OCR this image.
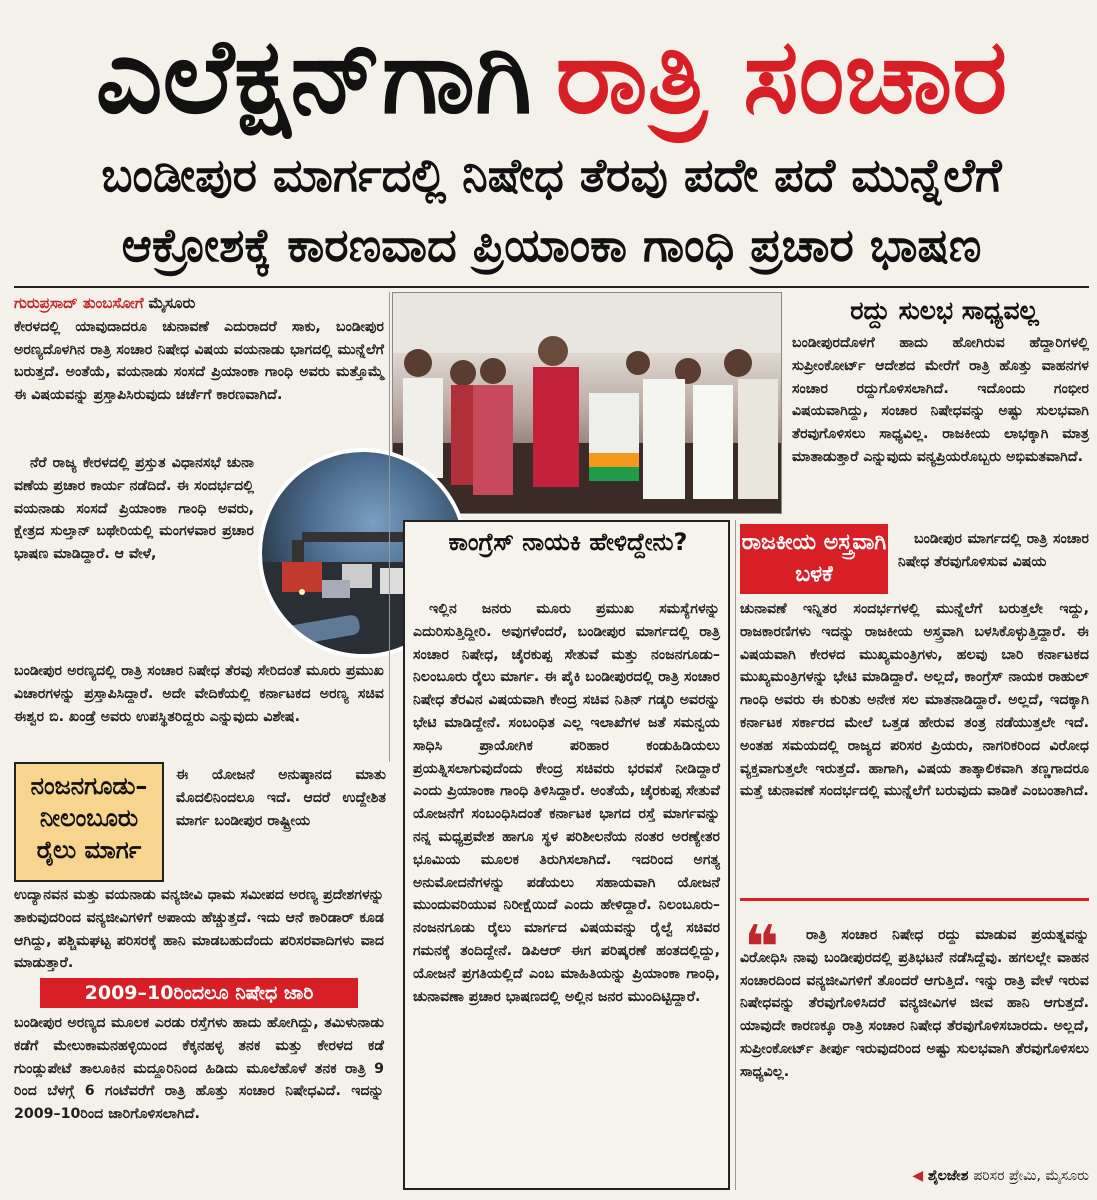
ಎಲೆಕ್ಷನ್‌ಗಾಗಿ ರಾತ್ರಿ ಸಂಚಾರ
ಬಂಡೀಪುರ ಮಾರ್ಗದಲ್ಲಿ ನಿಷೇಧ ತೆರವು ಪದೇ ಪದೆ ಮುನ್ನೆಲೆಗೆ
ಆಕ್ರೋಶಕ್ಕೆ ಕಾರಣವಾದ ಪ್ರಿಯಾಂಕಾ ಗಾಂಧಿ ಪ್ರಚಾರ ಭಾಷಣ
ಗುರುಪ್ರಸಾದ್ ತುಂಬಸೋಗೆ ಮೈಸೂರು
ಕೇರಳದಲ್ಲಿ ಯಾವುದಾದರೂ ಚುನಾವಣೆ ಎದುರಾದರೆ ಸಾಕು, ಬಂಡೀಪುರ ಅರಣ್ಯದೊಳಗಿನ ರಾತ್ರಿ ಸಂಚಾರ ನಿಷೇಧ ವಿಷಯ ವಯನಾಡು ಭಾಗದಲ್ಲಿ ಮುನ್ನೆಲೆಗೆ ಬರುತ್ತದೆ. ಅಂತೆಯೆ, ವಯನಾಡು ಸಂಸದೆ ಪ್ರಿಯಾಂಕಾ ಗಾಂಧಿ ಅವರು ಮತ್ತೊಮ್ಮೆ ಈ ವಿಷಯವನ್ನು ಪ್ರಸ್ತಾಪಿಸಿರುವುದು ಚರ್ಚೆಗೆ ಕಾರಣವಾಗಿದೆ.
ನೆರೆ ರಾಜ್ಯ ಕೇರಳದಲ್ಲಿ ಪ್ರಸ್ತುತ ವಿಧಾನಸಭೆ ಚುನಾ ವಣೆಯ ಪ್ರಚಾರ ಕಾರ್ಯ ನಡೆದಿದೆ. ಈ ಸಂದರ್ಭದಲ್ಲಿ ವಯನಾಡು ಸಂಸದೆ ಪ್ರಿಯಾಂಕಾ ಗಾಂಧಿ ಅವರು, ಕ್ಷೇತ್ರದ ಸುಲ್ತಾನ್ ಬಥೇರಿಯಲ್ಲಿ ಮಂಗಳವಾರ ಪ್ರಚಾರ ಭಾಷಣ ಮಾಡಿದ್ದಾರೆ. ಆ ವೇಳೆ,
ಬಂಡೀಪುರ ಅರಣ್ಯದಲ್ಲಿ ರಾತ್ರಿ ಸಂಚಾರ ನಿಷೇಧ ತೆರವು ಸೇರಿದಂತೆ ಮೂರು ಪ್ರಮುಖ ವಿಚಾರಗಳನ್ನು ಪ್ರಸ್ತಾಪಿಸಿದ್ದಾರೆ. ಅದೇ ವೇದಿಕೆಯಲ್ಲಿ ಕರ್ನಾಟಕದ ಅರಣ್ಯ ಸಚಿವ ಈಶ್ವರ ಬಿ. ಖಂಡ್ರೆ ಅವರು ಉಪಸ್ಥಿತರಿದ್ದರು ಎನ್ನುವುದು ವಿಶೇಷ.
ನಂಜನಗೂಡು– ನೀಲಂಬೂರು ರೈಲು ಮಾರ್ಗ
ಈ ಯೋಜನೆ ಅನುಷ್ಠಾನದ ಮಾತು ಮೊದಲಿನಿಂದಲೂ ಇದೆ. ಆದರೆ ಉದ್ದೇಶಿತ ಮಾರ್ಗ ಬಂಡೀಪುರ ರಾಷ್ಟ್ರೀಯ
ಉದ್ಯಾನವನ ಮತ್ತು ವಯನಾಡು ವನ್ಯಜೀವಿ ಧಾಮ ಸಮೀಪದ ಅರಣ್ಯ ಪ್ರದೇಶಗಳನ್ನು ತಾಕುವುದರಿಂದ ವನ್ಯಜೀವಿಗಳಿಗೆ ಅಪಾಯ ಹೆಚ್ಚುತ್ತದೆ. ಇದು ಆನೆ ಕಾರಿಡಾರ್ ಕೂಡ ಆಗಿದ್ದು, ಪಶ್ಚಿಮಘಟ್ಟ ಪರಿಸರಕ್ಕೆ ಹಾನಿ ಮಾಡಬಹುದೆಂದು ಪರಿಸರವಾದಿಗಳು ವಾದ ಮಾಡುತ್ತಾರೆ.
2009–10ರಿಂದಲೂ ನಿಷೇಧ ಜಾರಿ
ಬಂಡೀಪುರ ಅರಣ್ಯದ ಮೂಲಕ ಎರಡು ರಸ್ತೆಗಳು ಹಾದು ಹೋಗಿದ್ದು, ತಮಿಳುನಾಡು ಕಡೆಗೆ ಮೇಲುಕಾಮನಹಳ್ಳಿಯಿಂದ ಕೆಕ್ಕನಹಳ್ಳ ತನಕ ಮತ್ತು ಕೇರಳದ ಕಡೆ ಗುಂಡ್ಲುಪೇಟೆ ತಾಲೂಕಿನ ಮದ್ದೂರಿನಿಂದ ಹಿಡಿದು ಮೂಲೆಹೊಳೆ ತನಕ ರಾತ್ರಿ 9 ರಿಂದ ಬೆಳಗ್ಗೆ 6 ಗಂಟೆವರೆಗೆ ರಾತ್ರಿ ಹೊತ್ತು ಸಂಚಾರ ನಿಷೇಧವಿದೆ. ಇದನ್ನು 2009–10ರಿಂದ ಜಾರಿಗೊಳಿಸಲಾಗಿದೆ.
ಕಾಂಗ್ರೆಸ್ ನಾಯಕಿ ಹೇಳಿದ್ದೇನು?
ಇಲ್ಲಿನ ಜನರು ಮೂರು ಪ್ರಮುಖ ಸಮಸ್ಯೆಗಳನ್ನು ಎದುರಿಸುತ್ತಿದ್ದೀರಿ. ಅವುಗಳೆಂದರೆ, ಬಂಡೀಪುರ ಮಾರ್ಗದಲ್ಲಿ ರಾತ್ರಿ ಸಂಚಾರ ನಿಷೇಧ, ಚೈರಕುಪ್ಪ ಸೇತುವೆ ಮತ್ತು ನಂಜನಗೂಡು–ನಿಲಂಬೂರು ರೈಲು ಮಾರ್ಗ. ಈ ಪೈಕಿ ಬಂಡೀಪುರದಲ್ಲಿ ರಾತ್ರಿ ಸಂಚಾರ ನಿಷೇಧ ತೆರವಿನ ವಿಷಯವಾಗಿ ಕೇಂದ್ರ ಸಚಿವ ನಿತಿನ್ ಗಡ್ಕರಿ ಅವರನ್ನು ಭೇಟಿ ಮಾಡಿದ್ದೇನೆ. ಸಂಬಂಧಿತ ಎಲ್ಲ ಇಲಾಖೆಗಳ ಜತೆ ಸಮನ್ವಯ ಸಾಧಿಸಿ ಪ್ರಾಯೋಗಿಕ ಪರಿಹಾರ ಕಂಡುಹಿಡಿಯಲು ಪ್ರಯತ್ನಿಸಲಾಗುವುದೆಂದು ಕೇಂದ್ರ ಸಚಿವರು ಭರವಸೆ ನೀಡಿದ್ದಾರೆ ಎಂದು ಪ್ರಿಯಾಂಕಾ ಗಾಂಧಿ ತಿಳಿಸಿದ್ದಾರೆ. ಅಂತೆಯೆ, ಚೈರಕುಪ್ಪ ಸೇತುವೆ ಯೋಜನೆಗೆ ಸಂಬಂಧಿಸಿದಂತೆ ಕರ್ನಾಟಕ ಭಾಗದ ರಸ್ತೆ ಮಾರ್ಗವನ್ನು ನನ್ನ ಮಧ್ಯಪ್ರವೇಶ ಹಾಗೂ ಸ್ಥಳ ಪರಿಶೀಲನೆಯ ನಂತರ ಅರಣ್ಯೇತರ ಭೂಮಿಯ ಮೂಲಕ ತಿರುಗಿಸಲಾಗಿದೆ. ಇದರಿಂದ ಅಗತ್ಯ ಅನುಮೋದನೆಗಳನ್ನು ಪಡೆಯಲು ಸಹಾಯವಾಗಿ ಯೋಜನೆ ಮುಂದುವರಿಯುವ ನಿರೀಕ್ಷೆಯಿದೆ ಎಂದು ಹೇಳಿದ್ದಾರೆ. ನಿಲಂಬೂರು–ನಂಜನಗೂಡು ರೈಲು ಮಾರ್ಗದ ವಿಷಯವನ್ನು ರೈಲ್ವೆ ಸಚಿವರ ಗಮನಕ್ಕೆ ತಂದಿದ್ದೇನೆ. ಡಿಪಿಆರ್ ಈಗ ಪರಿಷ್ಕರಣೆ ಹಂತದಲ್ಲಿದ್ದು, ಯೋಜನೆ ಪ್ರಗತಿಯಲ್ಲಿದೆ ಎಂಬ ಮಾಹಿತಿಯನ್ನು ಪ್ರಿಯಾಂಕಾ ಗಾಂಧಿ, ಚುನಾವಣಾ ಪ್ರಚಾರ ಭಾಷಣದಲ್ಲಿ ಅಲ್ಲಿನ ಜನರ ಮುಂದಿಟ್ಟಿದ್ದಾರೆ.
ರದ್ದು ಸುಲಭ ಸಾಧ್ಯವಲ್ಲ
ಬಂಡೀಪುರದೊಳಗೆ ಹಾದು ಹೋಗಿರುವ ಹೆದ್ದಾರಿಗಳಲ್ಲಿ ಸುಪ್ರೀಂಕೋರ್ಟ್ ಆದೇಶದ ಮೇರೆಗೆ ರಾತ್ರಿ ಹೊತ್ತು ವಾಹನಗಳ ಸಂಚಾರ ರದ್ದುಗೊಳಿಸಲಾಗಿದೆ. ಇದೊಂದು ಗಂಭೀರ ವಿಷಯವಾಗಿದ್ದು, ಸಂಚಾರ ನಿಷೇಧವನ್ನು ಅಷ್ಟು ಸುಲಭವಾಗಿ ತೆರವುಗೊಳಿಸಲು ಸಾಧ್ಯವಿಲ್ಲ. ರಾಜಕೀಯ ಲಾಭಕ್ಕಾಗಿ ಮಾತ್ರ ಮಾತಾಡುತ್ತಾರೆ ಎನ್ನುವುದು ವನ್ಯಪ್ರಿಯರೊಬ್ಬರು ಅಭಿಮತವಾಗಿದೆ.
ರಾಜಕೀಯ ಅಸ್ತ್ರವಾಗಿ ಬಳಕೆ
ಬಂಡೀಪುರ ಮಾರ್ಗದಲ್ಲಿ ರಾತ್ರಿ ಸಂಚಾರ ನಿಷೇಧ ತೆರವುಗೊಳಿಸುವ ವಿಷಯ
ಚುನಾವಣೆ ಇನ್ನಿತರ ಸಂದರ್ಭಗಳಲ್ಲಿ ಮುನ್ನೆಲೆಗೆ ಬರುತ್ತಲೇ ಇದ್ದು, ರಾಜಕಾರಣಿಗಳು ಇದನ್ನು ರಾಜಕೀಯ ಅಸ್ತ್ರವಾಗಿ ಬಳಸಿಕೊಳ್ಳುತ್ತಿದ್ದಾರೆ. ಈ ವಿಷಯವಾಗಿ ಕೇರಳದ ಮುಖ್ಯಮಂತ್ರಿಗಳು, ಹಲವು ಬಾರಿ ಕರ್ನಾಟಕದ ಮುಖ್ಯಮಂತ್ರಿಗಳನ್ನು ಭೇಟಿ ಮಾಡಿದ್ದಾರೆ. ಅಲ್ಲದೆ, ಕಾಂಗ್ರೆಸ್ ನಾಯಕ ರಾಹುಲ್ ಗಾಂಧಿ ಅವರು ಈ ಕುರಿತು ಅನೇಕ ಸಲ ಮಾತನಾಡಿದ್ದಾರೆ. ಅಲ್ಲದೆ, ಇದಕ್ಕಾಗಿ ಕರ್ನಾಟಕ ಸರ್ಕಾರದ ಮೇಲೆ ಒತ್ತಡ ಹೇರುವ ತಂತ್ರ ನಡೆಯುತ್ತಲೇ ಇದೆ. ಅಂತಹ ಸಮಯದಲ್ಲಿ ರಾಜ್ಯದ ಪರಿಸರ ಪ್ರಿಯರು, ನಾಗರಿಕರಿಂದ ವಿರೋಧ ವ್ಯಕ್ತವಾಗುತ್ತಲೇ ಇರುತ್ತದೆ. ಹಾಗಾಗಿ, ವಿಷಯ ತಾತ್ಕಾಲಿಕವಾಗಿ ತಣ್ಣಗಾದರೂ ಮತ್ತೆ ಚುನಾವಣೆ ಸಂದರ್ಭದಲ್ಲಿ ಮುನ್ನೆಲೆಗೆ ಬರುವುದು ವಾಡಿಕೆ ಎಂಬಂತಾಗಿದೆ.
❝	ರಾತ್ರಿ ಸಂಚಾರ ನಿಷೇಧ ರದ್ದು ಮಾಡುವ ಪ್ರಯತ್ನವನ್ನು ವಿರೋಧಿಸಿ ನಾವು ಬಂಡೀಪುರದಲ್ಲಿ ಪ್ರತಿಭಟನೆ ನಡೆಸಿದ್ದೆವು. ಹಗಲಲ್ಲೇ ವಾಹನ ಸಂಚಾರದಿಂದ ವನ್ಯಜೀವಿಗಳಿಗೆ ತೊಂದರೆ ಆಗುತ್ತಿದೆ. ಇನ್ನು ರಾತ್ರಿ ವೇಳೆ ಇರುವ ನಿಷೇಧವನ್ನು ತೆರವುಗೊಳಿಸಿದರೆ ವನ್ಯಜೀವಿಗಳ ಜೀವ ಹಾನಿ ಆಗುತ್ತದೆ. ಯಾವುದೇ ಕಾರಣಕ್ಕೂ ರಾತ್ರಿ ಸಂಚಾರ ನಿಷೇಧ ತೆರವುಗೊಳಿಸಬಾರದು. ಅಲ್ಲದೆ, ಸುಪ್ರೀಂಕೋರ್ಟ್ ತೀರ್ಪು ಇರುವುದರಿಂದ ಅಷ್ಟು ಸುಲಭವಾಗಿ ತೆರವುಗೊಳಿಸಲು ಸಾಧ್ಯವಿಲ್ಲ.
◀ ಶೈಲಜೇಶ ಪರಿಸರ ಪ್ರೇಮಿ, ಮೈಸೂರು
